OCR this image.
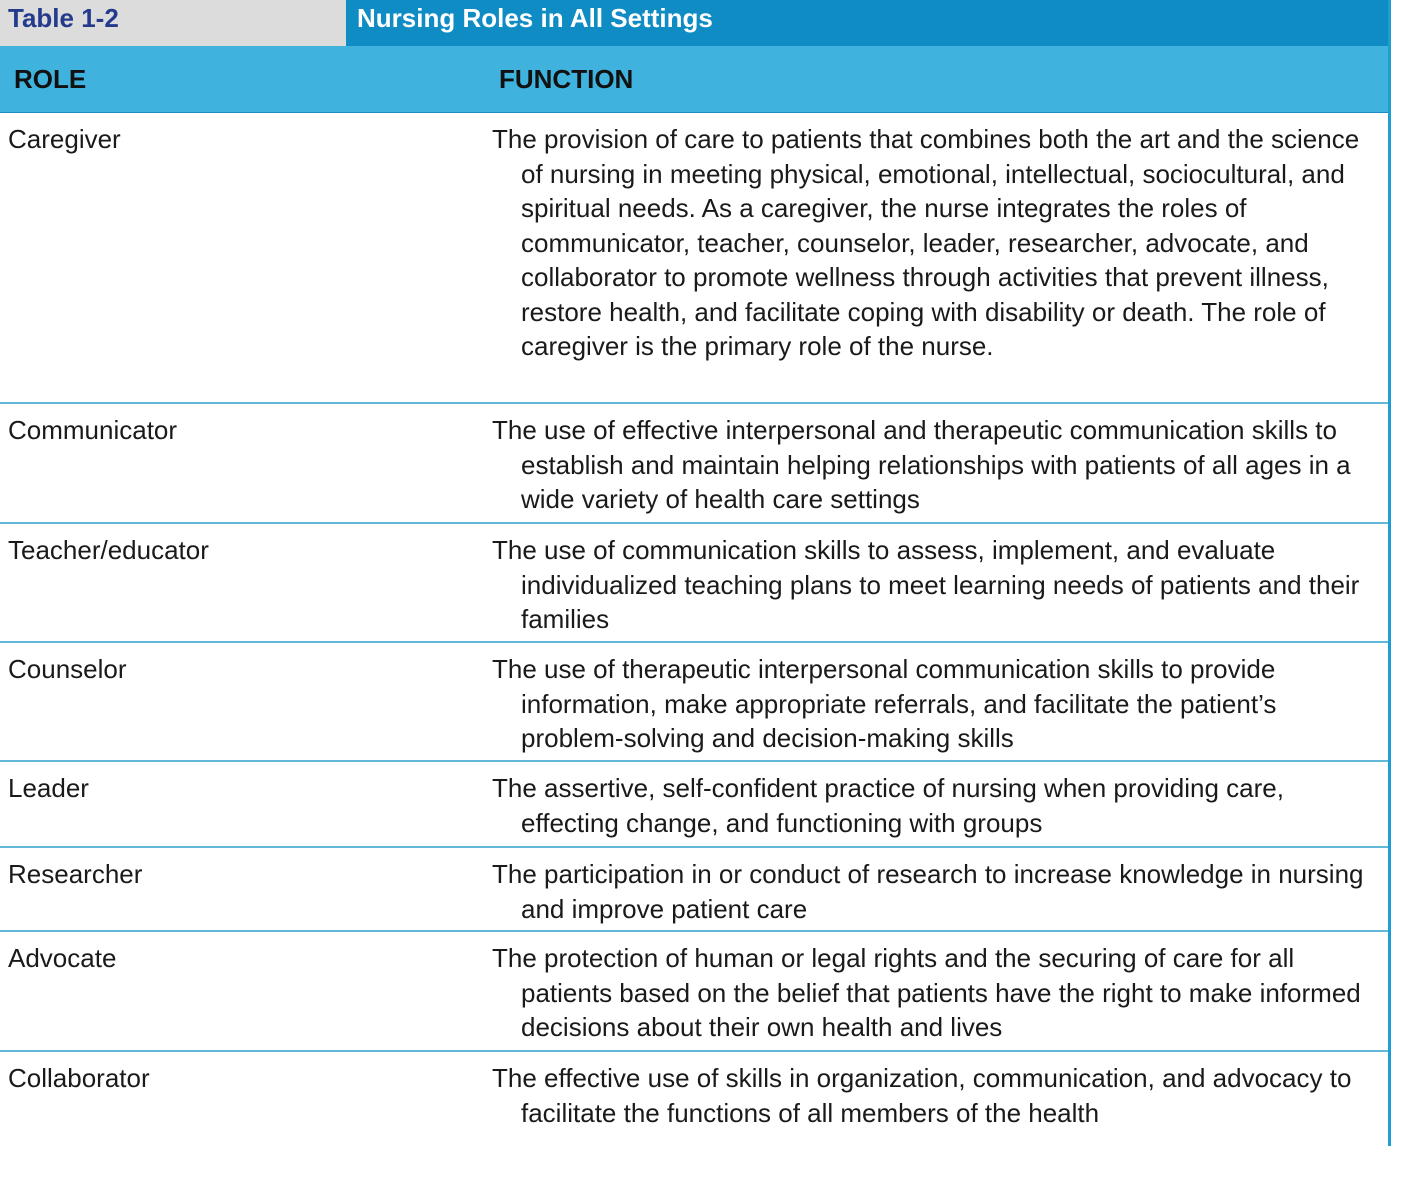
Table 1-2	Nursing Roles in All Settings
ROLE	FUNCTION
Caregiver	The provision of care to patients that combines both the art and the science of nursing in meeting physical, emotional, intellectual, sociocultural, and spiritual needs. As a caregiver, the nurse integrates the roles of communicator, teacher, counselor, leader, researcher, advocate, and collaborator to promote wellness through activities that prevent illness, restore health, and facilitate coping with disability or death. The role of caregiver is the primary role of the nurse.
Communicator	The use of effective interpersonal and therapeutic communication skills to establish and maintain helping relationships with patients of all ages in a wide variety of health care settings
Teacher/educator	The use of communication skills to assess, implement, and evaluate individualized teaching plans to meet learning needs of patients and their families
Counselor	The use of therapeutic interpersonal communication skills to provide information, make appropriate referrals, and facilitate the patient’s problem-solving and decision-making skills
Leader	The assertive, self-confident practice of nursing when providing care, effecting change, and functioning with groups
Researcher	The participation in or conduct of research to increase knowledge in nursing and improve patient care
Advocate	The protection of human or legal rights and the securing of care for all patients based on the belief that patients have the right to make informed decisions about their own health and lives
Collaborator	The effective use of skills in organization, communication, and advocacy to facilitate the functions of all members of the health
